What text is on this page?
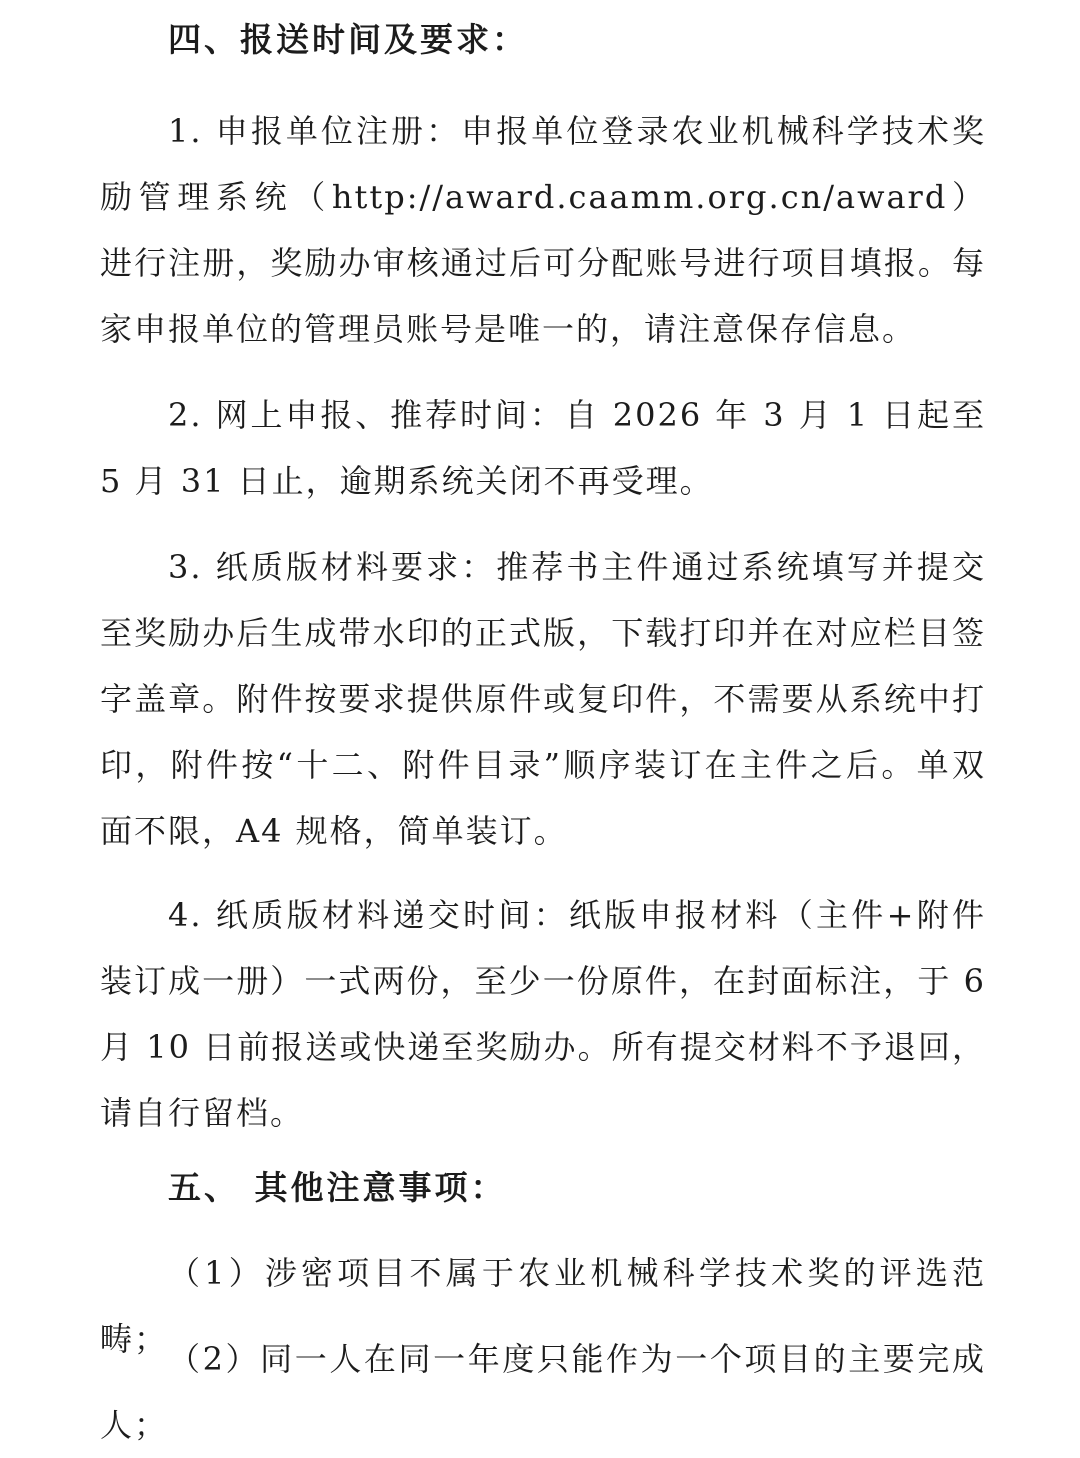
四、报送时间及要求：

1. 申报单位注册：申报单位登录农业机械科学技术奖励管理系统（http://award.caamm.org.cn/award）进行注册，奖励办审核通过后可分配账号进行项目填报。每家申报单位的管理员账号是唯一的，请注意保存信息。

2. 网上申报、推荐时间：自 2026 年 3 月 1 日起至 5 月 31 日止，逾期系统关闭不再受理。

3. 纸质版材料要求：推荐书主件通过系统填写并提交至奖励办后生成带水印的正式版，下载打印并在对应栏目签字盖章。附件按要求提供原件或复印件，不需要从系统中打印，附件按“十二、附件目录”顺序装订在主件之后。单双面不限，A4 规格，简单装订。

4. 纸质版材料递交时间：纸版申报材料（主件+附件装订成一册）一式两份，至少一份原件，在封面标注，于 6 月 10 日前报送或快递至奖励办。所有提交材料不予退回，请自行留档。

五、 其他注意事项：

（1）涉密项目不属于农业机械科学技术奖的评选范畴；

（2）同一人在同一年度只能作为一个项目的主要完成人；
